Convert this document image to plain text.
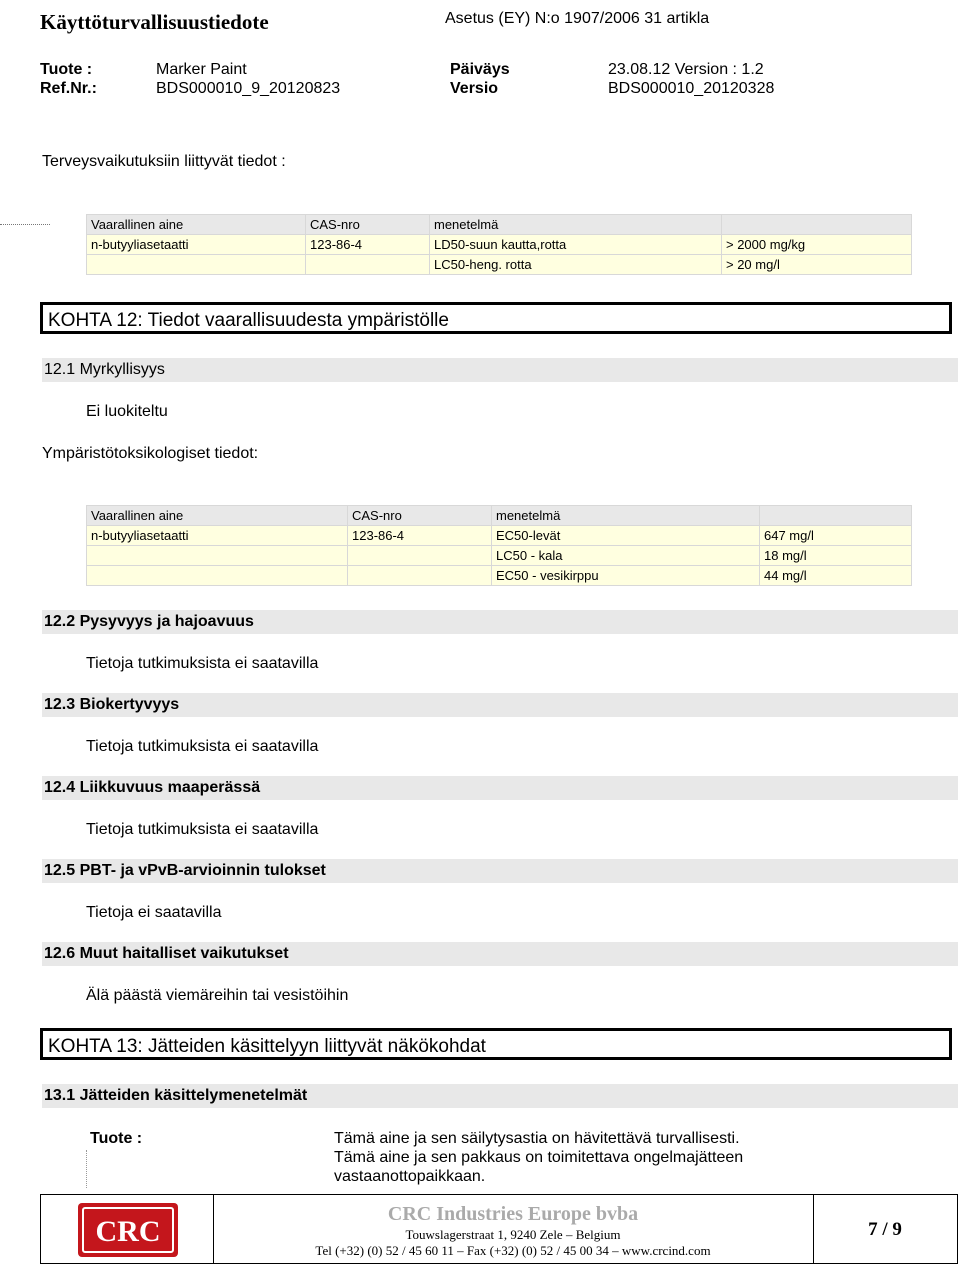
Käyttöturvallisuustiedote	Asetus (EY) N:o 1907/2006 31 artikla
Tuote :	Marker Paint	Päiväys	23.08.12 Version : 1.2
Ref.Nr.:	BDS000010_9_20120823	Versio	BDS000010_20120328
Terveysvaikutuksiin liittyvät tiedot :
Vaarallinen aine	CAS-nro	menetelmä	
n-butyyliasetaatti	123-86-4	LD50-suun kautta,rotta	> 2000 mg/kg
		LC50-heng. rotta	> 20 mg/l
KOHTA 12: Tiedot vaarallisuudesta ympäristölle
12.1 Myrkyllisyys
Ei luokiteltu
Ympäristötoksikologiset tiedot:
Vaarallinen aine	CAS-nro	menetelmä	
n-butyyliasetaatti	123-86-4	EC50-levät	647 mg/l
		LC50 - kala	18 mg/l
		EC50 - vesikirppu	44 mg/l
12.2 Pysyvyys ja hajoavuus
Tietoja tutkimuksista ei saatavilla
12.3 Biokertyvyys
Tietoja tutkimuksista ei saatavilla
12.4 Liikkuvuus maaperässä
Tietoja tutkimuksista ei saatavilla
12.5 PBT- ja vPvB-arvioinnin tulokset
Tietoja ei saatavilla
12.6 Muut haitalliset vaikutukset
Älä päästä viemäreihin tai vesistöihin
KOHTA 13: Jätteiden käsittelyyn liittyvät näkökohdat
13.1 Jätteiden käsittelymenetelmät
Tuote :	Tämä aine ja sen säilytysastia on hävitettävä turvallisesti.
Tämä aine ja sen pakkaus on toimitettava ongelmajätteen
vastaanottopaikkaan.
CRC
CRC Industries Europe bvba
Touwslagerstraat 1, 9240 Zele – Belgium
Tel (+32) (0) 52 / 45 60 11 – Fax (+32) (0) 52 / 45 00 34 – www.crcind.com
7 / 9
